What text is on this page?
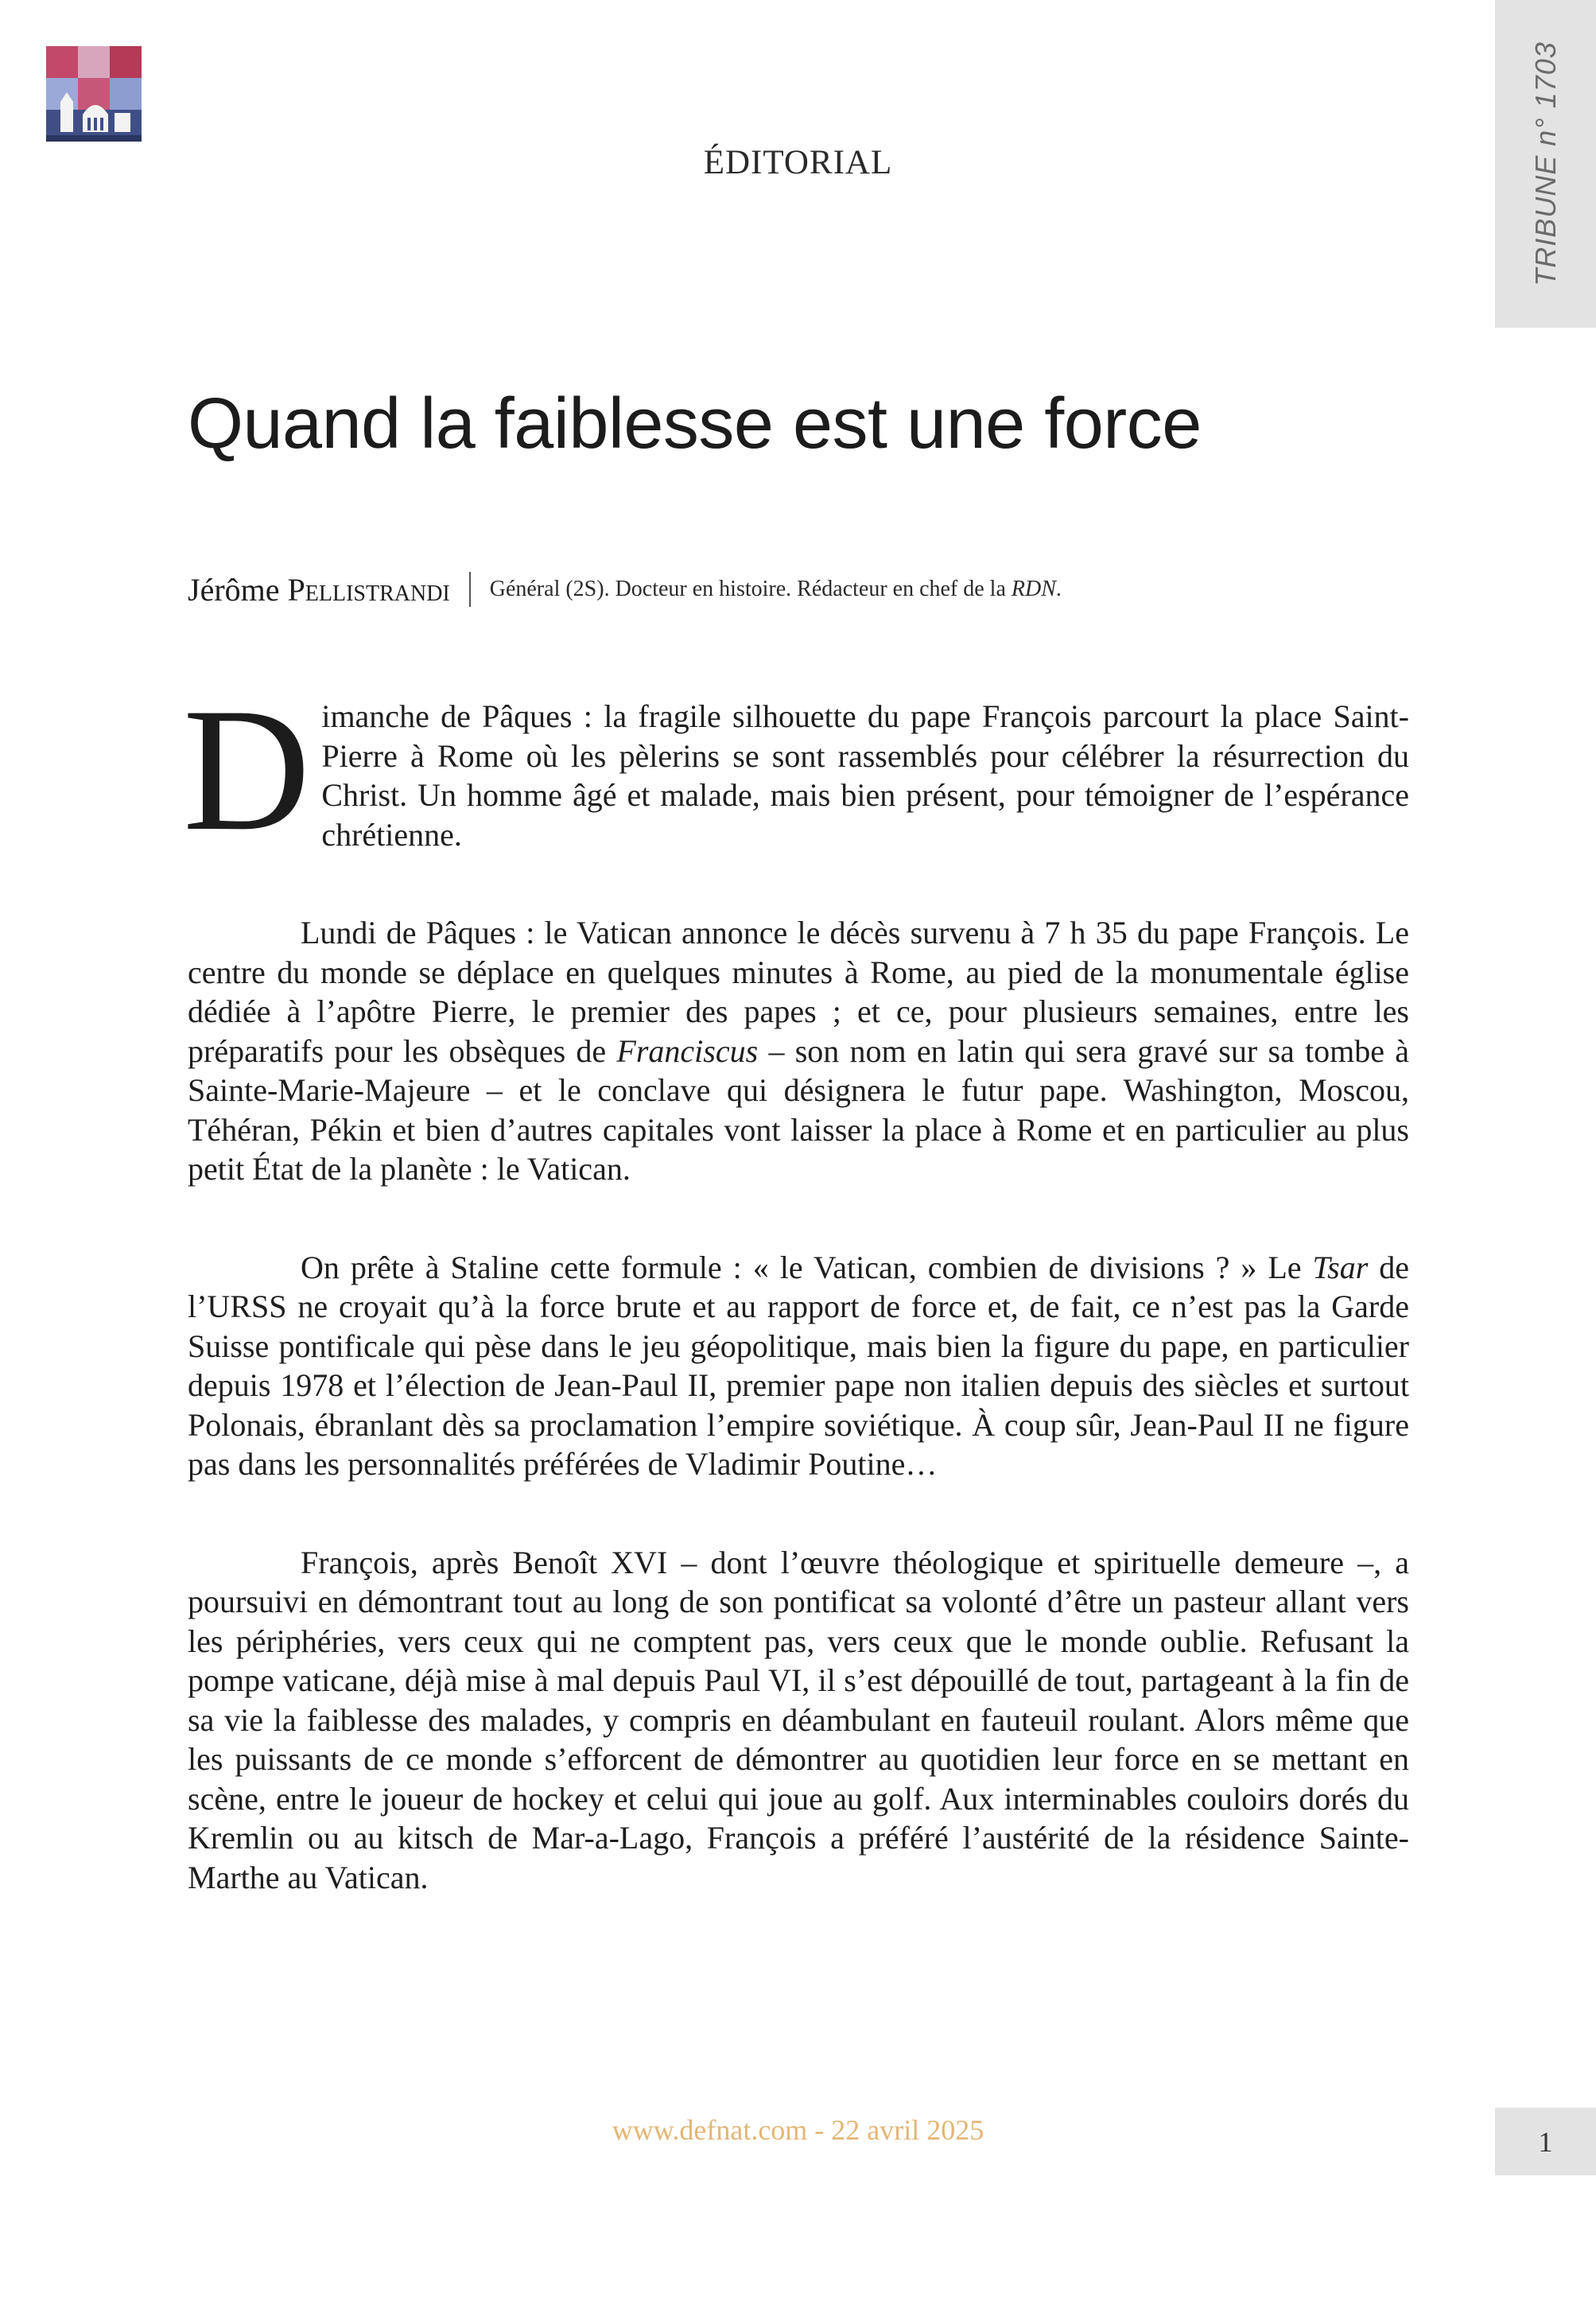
TRIBUNE n° 1703
ÉDITORIAL
Quand la faiblesse est une force
Jérôme Pellistrandi Général (2S). Docteur en histoire. Rédacteur en chef de la RDN.

Dimanche de Pâques : la fragile silhouette du pape François parcourt la place Saint-Pierre à Rome où les pèlerins se sont rassemblés pour célébrer la résurrection du Christ. Un homme âgé et malade, mais bien présent, pour témoigner de l’espérance chrétienne.

Lundi de Pâques : le Vatican annonce le décès survenu à 7 h 35 du pape François. Le centre du monde se déplace en quelques minutes à Rome, au pied de la monumentale église dédiée à l’apôtre Pierre, le premier des papes ; et ce, pour plusieurs semaines, entre les préparatifs pour les obsèques de Franciscus – son nom en latin qui sera gravé sur sa tombe à Sainte-Marie-Majeure – et le conclave qui désignera le futur pape. Washington, Moscou, Téhéran, Pékin et bien d’autres capitales vont laisser la place à Rome et en particulier au plus petit État de la planète : le Vatican.

On prête à Staline cette formule : « le Vatican, combien de divisions ? » Le Tsar de l’URSS ne croyait qu’à la force brute et au rapport de force et, de fait, ce n’est pas la Garde Suisse pontificale qui pèse dans le jeu géopolitique, mais bien la figure du pape, en particulier depuis 1978 et l’élection de Jean-Paul II, premier pape non italien depuis des siècles et surtout Polonais, ébranlant dès sa proclamation l’empire soviétique. À coup sûr, Jean-Paul II ne figure pas dans les personnalités préférées de Vladimir Poutine…

François, après Benoît XVI – dont l’œuvre théologique et spirituelle demeure –, a poursuivi en démontrant tout au long de son pontificat sa volonté d’être un pasteur allant vers les périphéries, vers ceux qui ne comptent pas, vers ceux que le monde oublie. Refusant la pompe vaticane, déjà mise à mal depuis Paul VI, il s’est dépouillé de tout, partageant à la fin de sa vie la faiblesse des malades, y compris en déambulant en fauteuil roulant. Alors même que les puissants de ce monde s’efforcent de démontrer au quotidien leur force en se mettant en scène, entre le joueur de hockey et celui qui joue au golf. Aux interminables couloirs dorés du Kremlin ou au kitsch de Mar-a-Lago, François a préféré l’austérité de la résidence Sainte-Marthe au Vatican.

www.defnat.com - 22 avril 2025	1
